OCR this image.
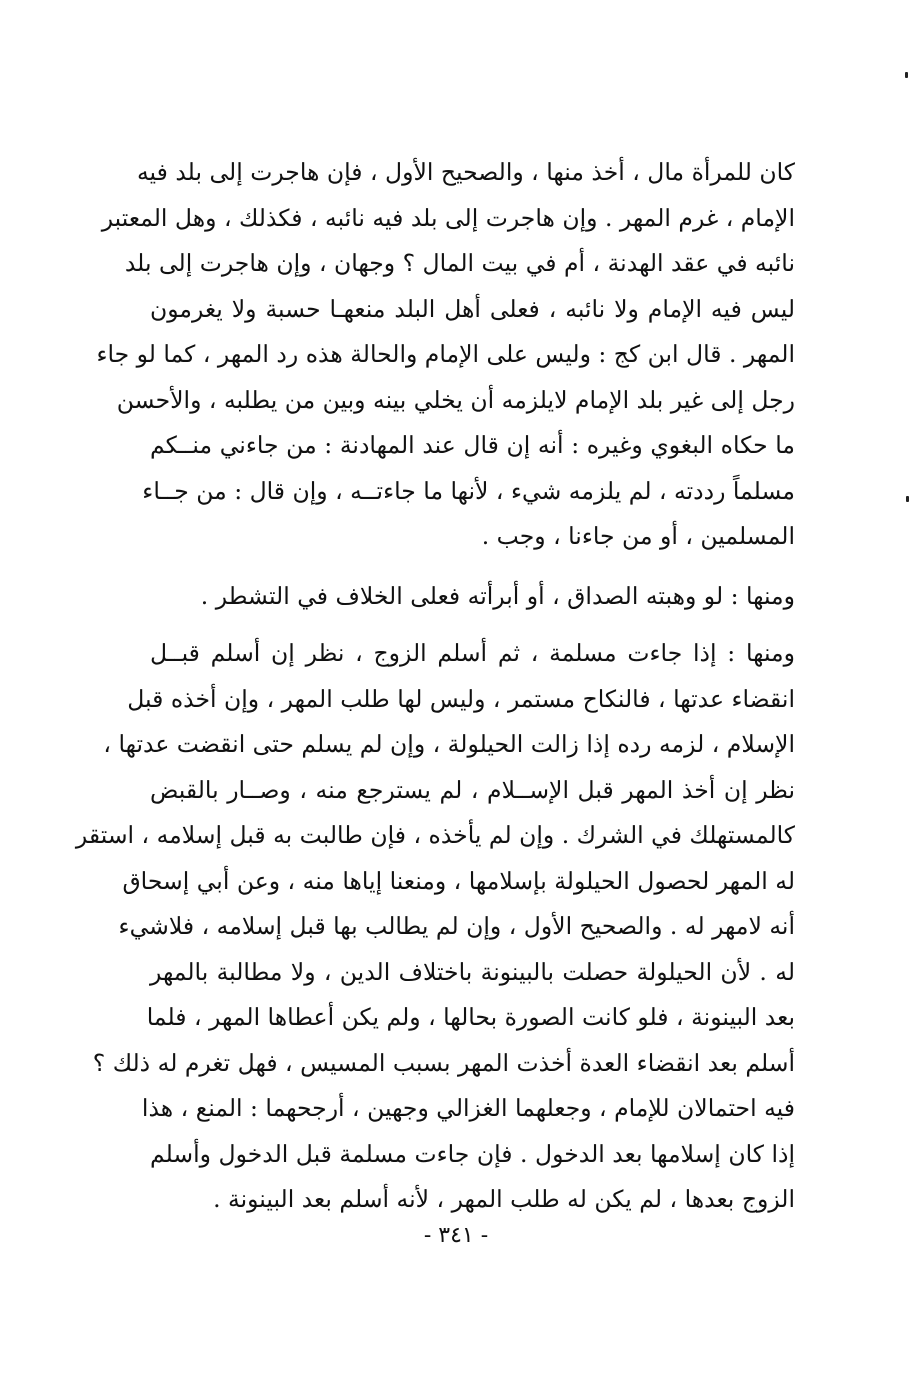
كان للمرأة مال ، أخذ منها ، والصحيح الأول ، فإن هاجرت إلى بلد فيه
الإمام ، غرم المهر . وإن هاجرت إلى بلد فيه نائبه ، فكذلك ، وهل المعتبر
نائبه في عقد الهدنة ، أم في بيت المال ؟ وجهان ، وإن هاجرت إلى بلد
ليس فيه الإمام ولا نائبه ، فعلى أهل البلد منعهـا حسبة ولا يغرمون
المهر . قال ابن كج : وليس على الإمام والحالة هذه رد المهر ، كما لو جاء
رجل إلى غير بلد الإمام لايلزمه أن يخلي بينه وبين من يطلبه ، والأحسن
ما حكاه البغوي وغيره : أنه إن قال عند المهادنة : من جاءني منــكم
مسلماً رددته ، لم يلزمه شيء ، لأنها ما جاءتــه ، وإن قال : من جــاء
المسلمين ، أو من جاءنا ، وجب .
ومنها : لو وهبته الصداق ، أو أبرأته فعلى الخلاف في التشطر .
ومنها : إذا جاءت مسلمة ، ثم أسلم الزوج ، نظر إن أسلم قبــل
انقضاء عدتها ، فالنكاح مستمر ، وليس لها طلب المهر ، وإن أخذه قبل
الإسلام ، لزمه رده إذا زالت الحيلولة ، وإن لم يسلم حتى انقضت عدتها ،
نظر إن أخذ المهر قبل الإســلام ، لم يسترجع منه ، وصــار بالقبض
كالمستهلك في الشرك . وإن لم يأخذه ، فإن طالبت به قبل إسلامه ، استقر
له المهر لحصول الحيلولة بإسلامها ، ومنعنا إياها منه ، وعن أبي إسحاق
أنه لامهر له . والصحيح الأول ، وإن لم يطالب بها قبل إسلامه ، فلاشيء
له . لأن الحيلولة حصلت بالبينونة باختلاف الدين ، ولا مطالبة بالمهر
بعد البينونة ، فلو كانت الصورة بحالها ، ولم يكن أعطاها المهر ، فلما
أسلم بعد انقضاء العدة أخذت المهر بسبب المسيس ، فهل تغرم له ذلك ؟
فيه احتمالان للإمام ، وجعلهما الغزالي وجهين ، أرجحهما : المنع ، هذا
إذا كان إسلامها بعد الدخول . فإن جاءت مسلمة قبل الدخول وأسلم
الزوج بعدها ، لم يكن له طلب المهر ، لأنه أسلم بعد البينونة .
- ٣٤١ -
